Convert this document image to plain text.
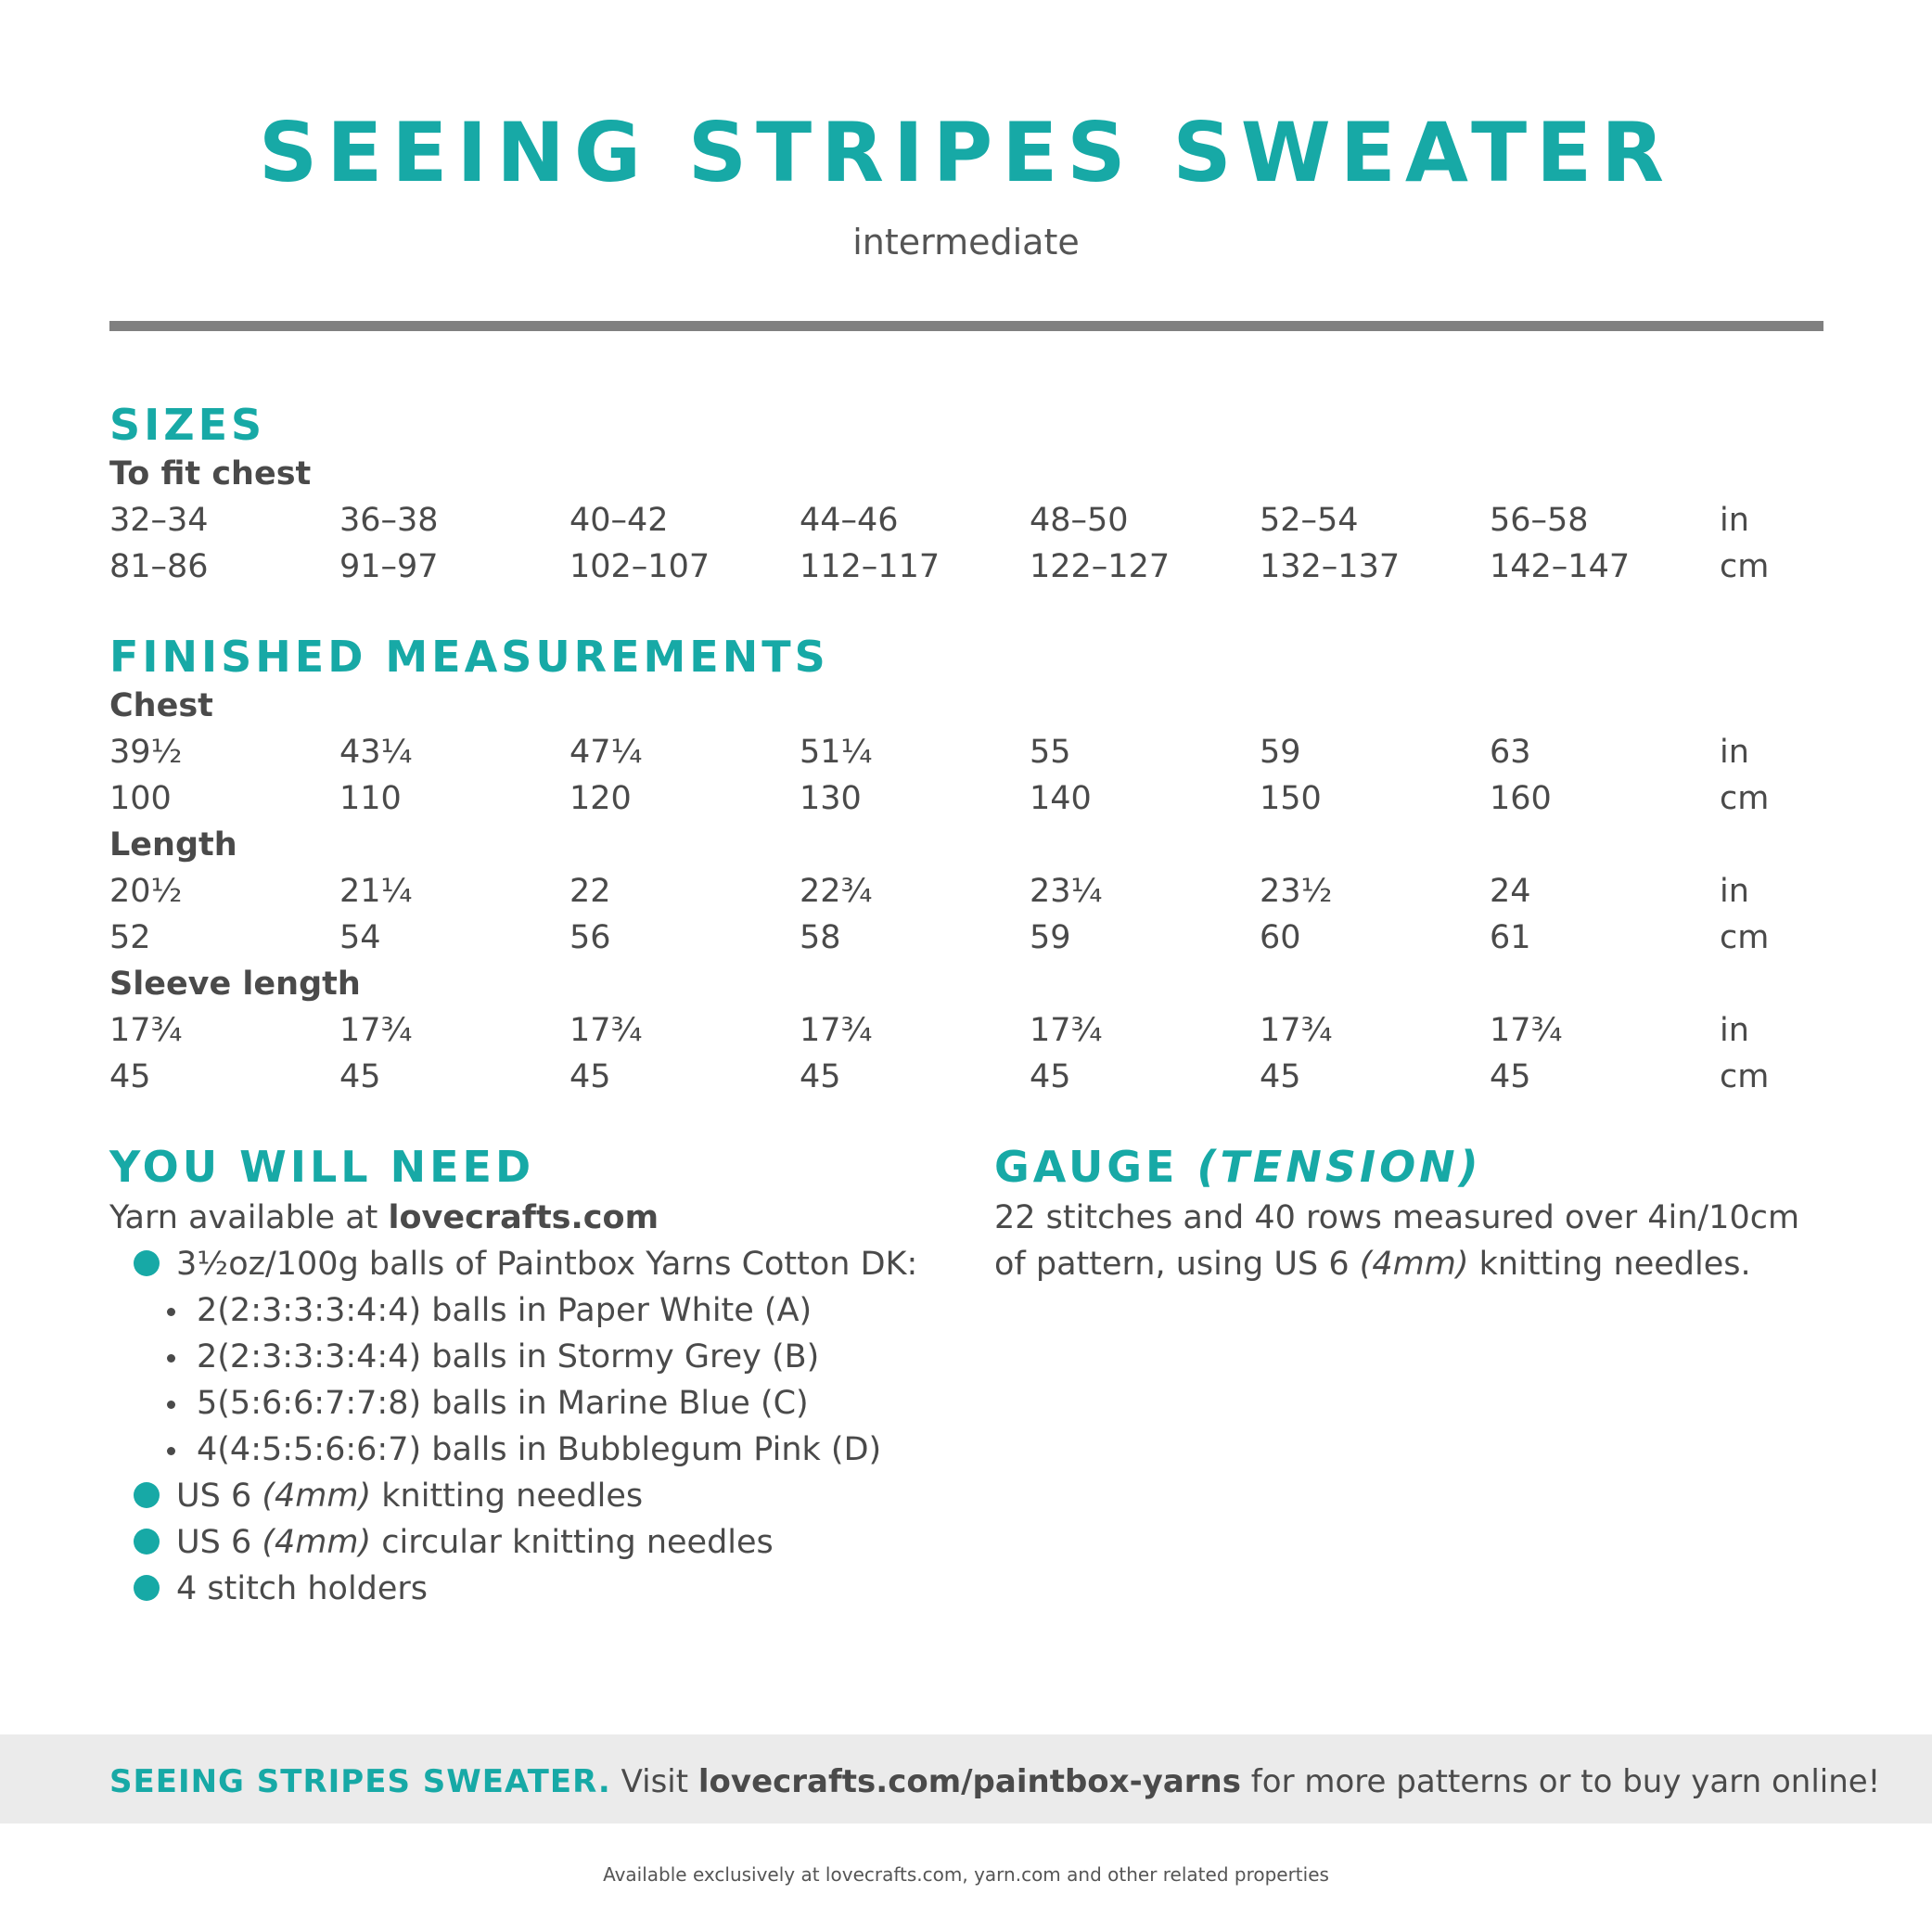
SEEING STRIPES SWEATER
intermediate
SIZES
To fit chest
32–34	36–38	40–42	44–46	48–50	52–54	56–58	in
81–86	91–97	102–107	112–117	122–127	132–137	142–147	cm
FINISHED MEASUREMENTS
Chest
39½	43¼	47¼	51¼	55	59	63	in
100	110	120	130	140	150	160	cm
Length
20½	21¼	22	22¾	23¼	23½	24	in
52	54	56	58	59	60	61	cm
Sleeve length
17¾	17¾	17¾	17¾	17¾	17¾	17¾	in
45	45	45	45	45	45	45	cm
YOU WILL NEED
Yarn available at lovecrafts.com
3½oz/100g balls of Paintbox Yarns Cotton DK:
2(2:3:3:3:4:4) balls in Paper White (A)
2(2:3:3:3:4:4) balls in Stormy Grey (B)
5(5:6:6:7:7:8) balls in Marine Blue (C)
4(4:5:5:6:6:7) balls in Bubblegum Pink (D)
US 6 (4mm) knitting needles
US 6 (4mm) circular knitting needles
4 stitch holders
GAUGE (TENSION)
22 stitches and 40 rows measured over 4in/10cm of pattern, using US 6 (4mm) knitting needles.
SEEING STRIPES SWEATER. Visit lovecrafts.com/paintbox-yarns for more patterns or to buy yarn online!
Available exclusively at lovecrafts.com, yarn.com and other related properties
